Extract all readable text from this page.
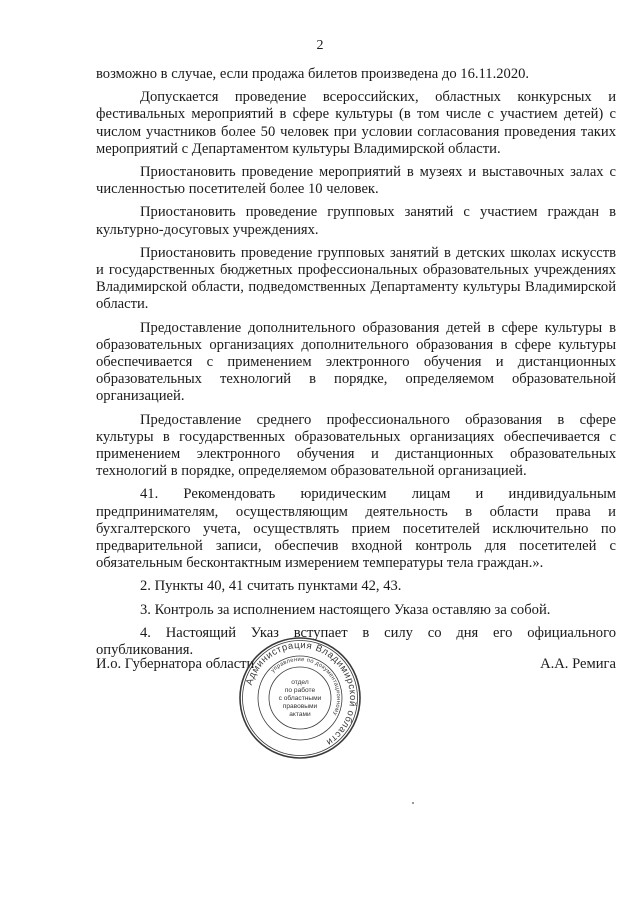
2

возможно в случае, если продажа билетов произведена до 16.11.2020.

Допускается проведение всероссийских, областных конкурсных и фестивальных мероприятий в сфере культуры (в том числе с участием детей) с числом участников более 50 человек при условии согласования проведения таких мероприятий с Департаментом культуры Владимирской области.

Приостановить проведение мероприятий в музеях и выставочных залах с численностью посетителей более 10 человек.

Приостановить проведение групповых занятий с участием граждан в культурно-досуговых учреждениях.

Приостановить проведение групповых занятий в детских школах искусств и государственных бюджетных профессиональных образовательных учреждениях Владимирской области, подведомственных Департаменту культуры Владимирской области.

Предоставление дополнительного образования детей в сфере культуры в образовательных организациях дополнительного образования в сфере культуры обеспечивается с применением электронного обучения и дистанционных образовательных технологий в порядке, определяемом образовательной организацией.

Предоставление среднего профессионального образования в сфере культуры в государственных образовательных организациях обеспечивается с применением электронного обучения и дистанционных образовательных технологий в порядке, определяемом образовательной организацией.

41. Рекомендовать юридическим лицам и индивидуальным предпринимателям, осуществляющим деятельность в области права и бухгалтерского учета, осуществлять прием посетителей исключительно по предварительной записи, обеспечив входной контроль для посетителей с обязательным бесконтактным измерением температуры тела граждан.».

2. Пункты 40, 41 считать пунктами 42, 43.

3. Контроль за исполнением настоящего Указа оставляю за собой.

4. Настоящий Указ вступает в силу со дня его официального опубликования.

И.о. Губернатора области	А.А. Ремига
Администрация Владимирской области
управление по документационному
отдел
по работе
с областными
правовыми
актами
